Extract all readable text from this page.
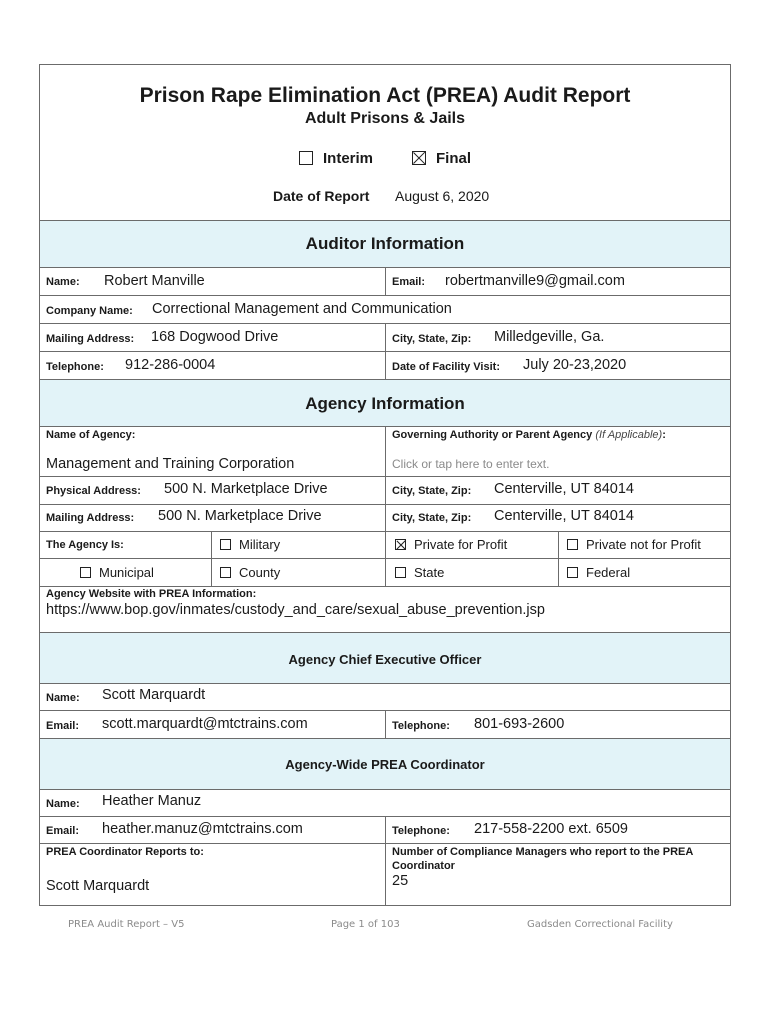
Prison Rape Elimination Act (PREA) Audit Report
Adult Prisons & Jails
Interim	Final
Date of Report August 6, 2020
Auditor Information
Name: Robert Manville	Email: robertmanville9@gmail.com
Company Name: Correctional Management and Communication
Mailing Address: 168 Dogwood Drive	City, State, Zip: Milledgeville, Ga.
Telephone: 912-286-0004	Date of Facility Visit: July 20-23,2020
Agency Information
Name of Agency:
Management and Training Corporation
Governing Authority or Parent Agency (If Applicable):
Click or tap here to enter text.
Physical Address: 500 N. Marketplace Drive	City, State, Zip: Centerville, UT 84014
Mailing Address: 500 N. Marketplace Drive	City, State, Zip: Centerville, UT 84014
The Agency Is:	Military	Private for Profit	Private not for Profit
Municipal	County	State	Federal
Agency Website with PREA Information:
https://www.bop.gov/inmates/custody_and_care/sexual_abuse_prevention.jsp
Agency Chief Executive Officer
Name: Scott Marquardt
Email: scott.marquardt@mtctrains.com	Telephone: 801-693-2600
Agency-Wide PREA Coordinator
Name: Heather Manuz
Email: heather.manuz@mtctrains.com	Telephone: 217-558-2200 ext. 6509
PREA Coordinator Reports to:
Scott Marquardt
Number of Compliance Managers who report to the PREA
Coordinator
25
PREA Audit Report – V5	Page 1 of 103	Gadsden Correctional Facility
